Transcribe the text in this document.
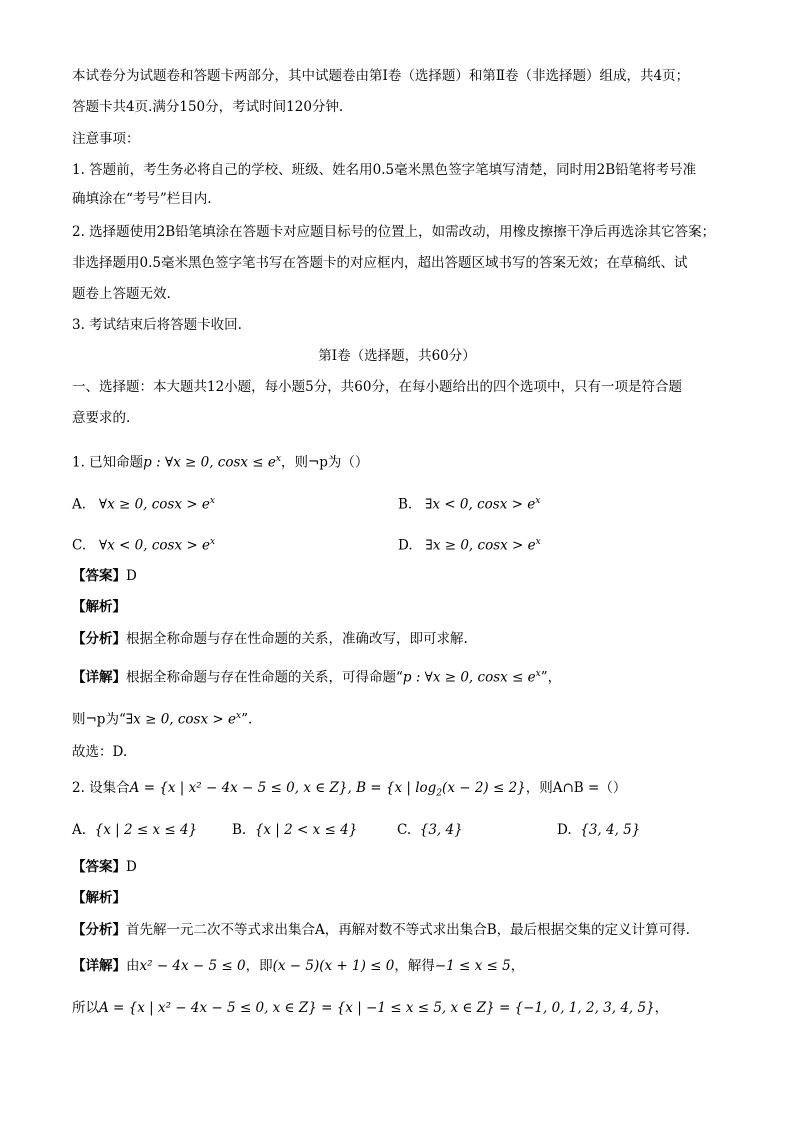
本试卷分为试题卷和答题卡两部分，其中试题卷由第Ⅰ卷（选择题）和第Ⅱ卷（非选择题）组成，共4页；
答题卡共4页.满分150分，考试时间120分钟.
注意事项：
1. 答题前，考生务必将自己的学校、班级、姓名用0.5毫米黑色签字笔填写清楚，同时用2B铅笔将考号准
确填涂在“考号”栏目内.
2. 选择题使用2B铅笔填涂在答题卡对应题目标号的位置上，如需改动，用橡皮擦擦干净后再选涂其它答案；
非选择题用0.5毫米黑色签字笔书写在答题卡的对应框内，超出答题区域书写的答案无效；在草稿纸、试
题卷上答题无效.
3. 考试结束后将答题卡收回.
第Ⅰ卷（选择题，共60分）
一、选择题：本大题共12小题，每小题5分，共60分，在每小题给出的四个选项中，只有一项是符合题
意要求的.
1. 已知命题p : ∀x ≥ 0, $\cos x \le e^x$，则¬p为（）
A. ∀x ≥ 0, $\cos x > e^x$	B. ∃x < 0, $\cos x > e^x$
C. ∀x < 0, $\cos x > e^x$	D. ∃x ≥ 0, $\cos x > e^x$
【答案】D
【解析】
【分析】根据全称命题与存在性命题的关系，准确改写，即可求解.
【详解】根据全称命题与存在性命题的关系，可得命题“p : ∀x ≥ 0, $\cos x \le e^x$”，
则¬p为“∃x ≥ 0, $\cos x > e^x$”.
故选：D.
2. 设集合A = {x | x² − 4x − 5 ≤ 0, x ∈ Z}, B = {x | $\log_2(x - 2) \le 2$}，则A∩B =（）
A. {x | 2 ≤ x ≤ 4}	B. {x | 2 < x ≤ 4}	C. {3, 4}	D. {3, 4, 5}
【答案】D
【解析】
【分析】首先解一元二次不等式求出集合A，再解对数不等式求出集合B，最后根据交集的定义计算可得.
【详解】由x² − 4x − 5 ≤ 0，即(x − 5)(x + 1) ≤ 0，解得−1 ≤ x ≤ 5，
所以A = {x | x² − 4x − 5 ≤ 0, x ∈ Z} = {x | −1 ≤ x ≤ 5, x ∈ Z} = {−1, 0, 1, 2, 3, 4, 5}，
